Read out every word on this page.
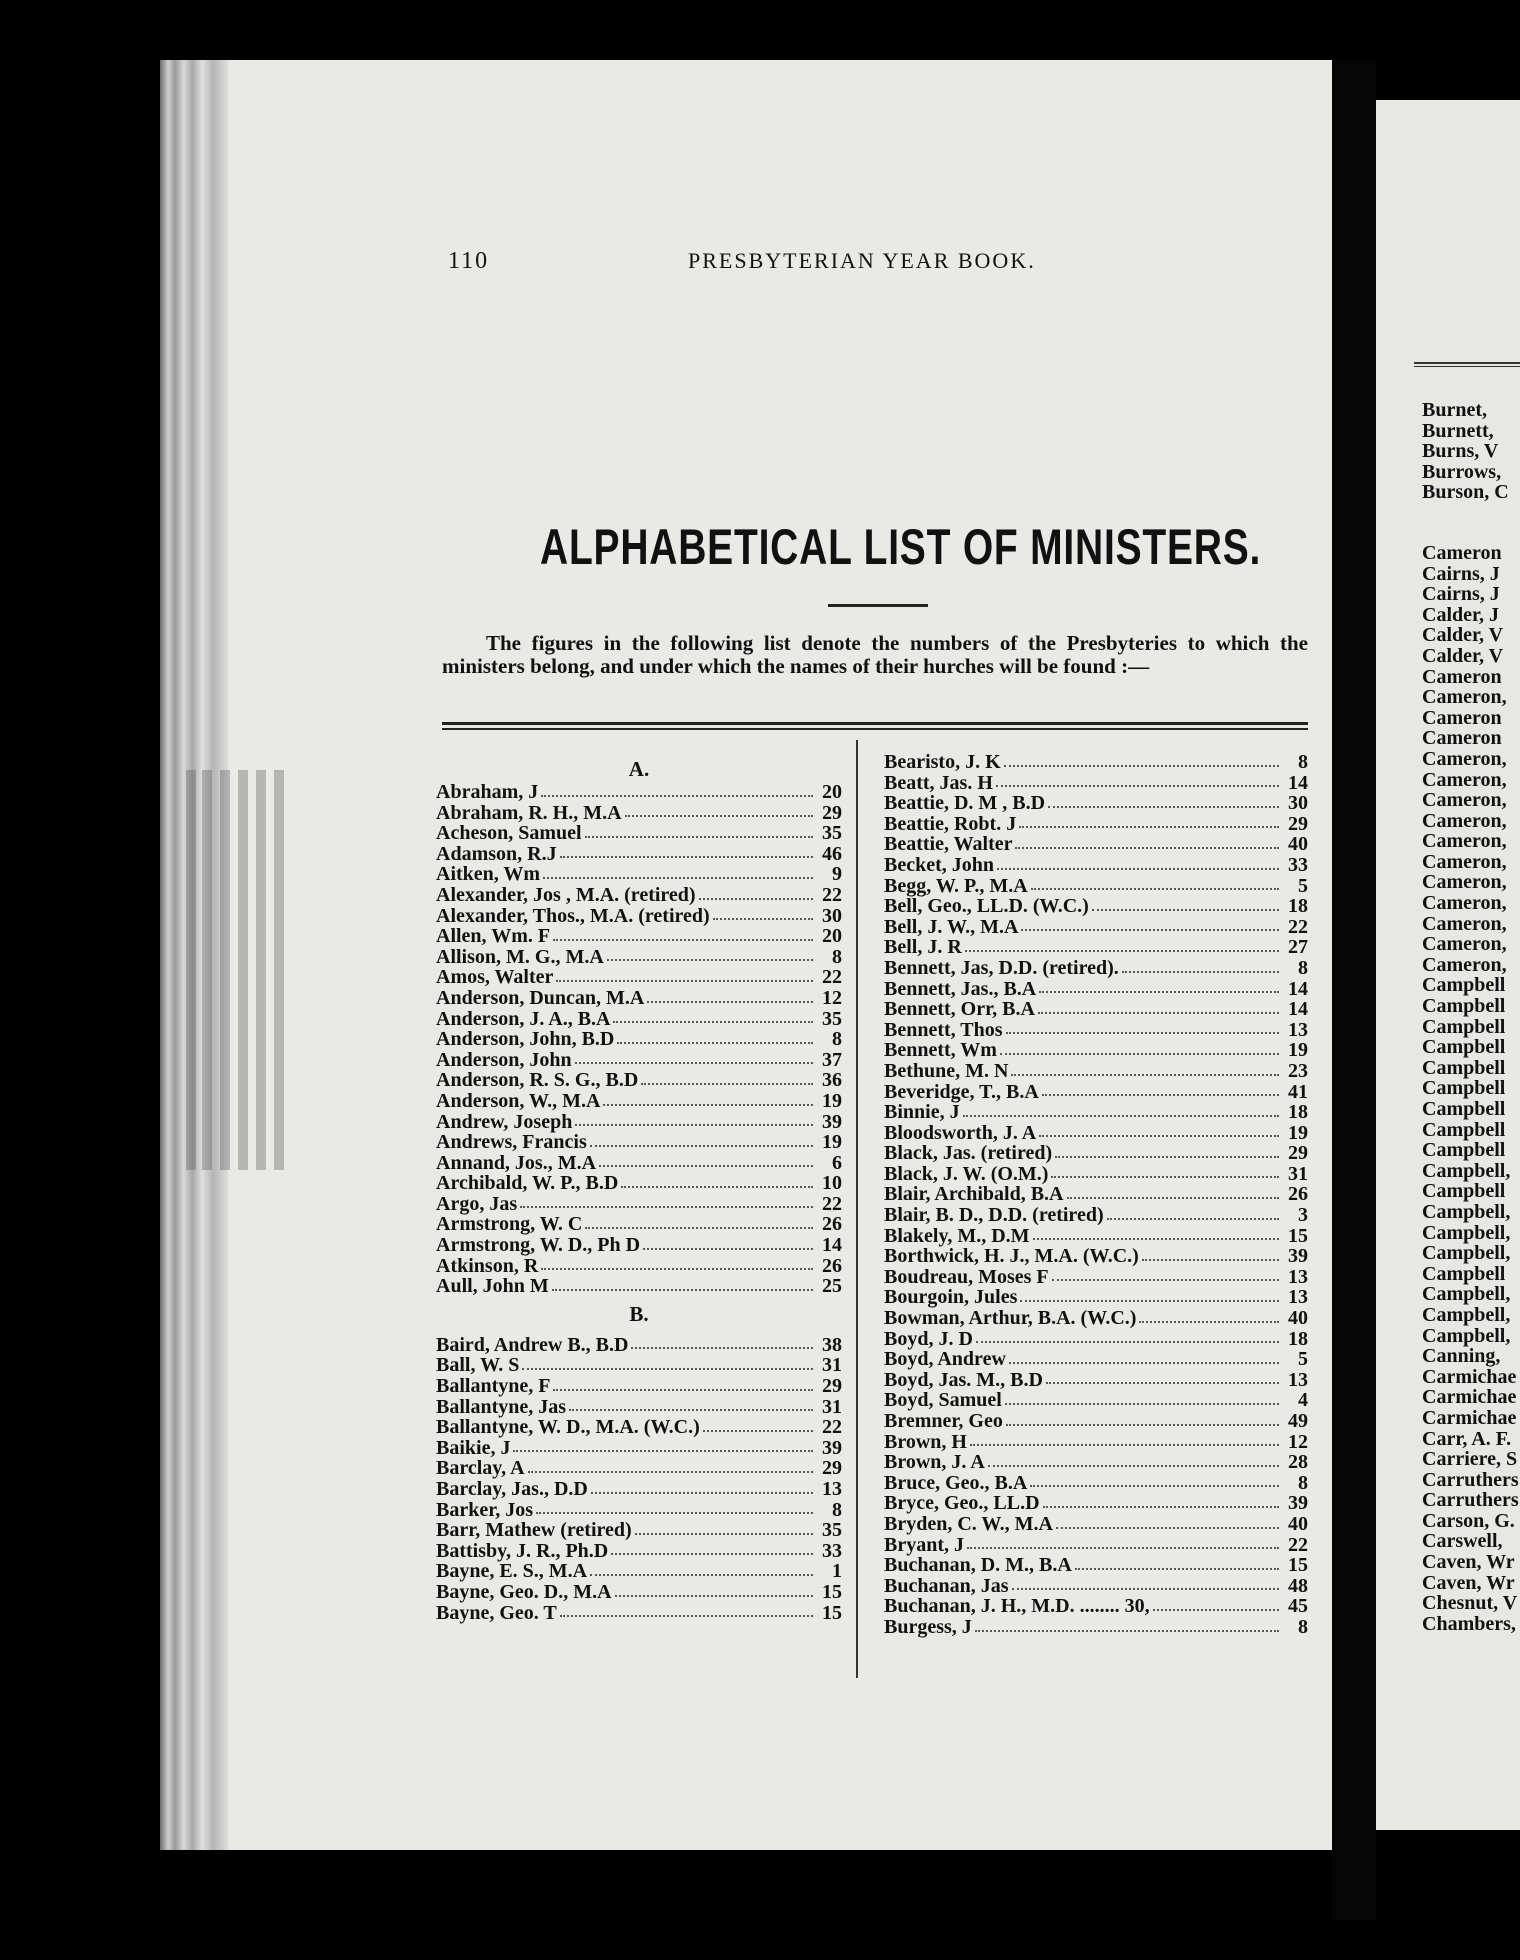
110	PRESBYTERIAN YEAR BOOK.
ALPHABETICAL LIST OF MINISTERS.
The figures in the following list denote the numbers of the Presbyteries to which the ministers belong, and under which the names of their hurches will be found :—
A.
Abraham, J	20
Abraham, R. H., M.A	29
Acheson, Samuel	35
Adamson, R.J	46
Aitken, Wm	9
Alexander, Jos , M.A. (retired)	22
Alexander, Thos., M.A. (retired)	30
Allen, Wm. F	20
Allison, M. G., M.A	8
Amos, Walter	22
Anderson, Duncan, M.A	12
Anderson, J. A., B.A	35
Anderson, John, B.D	8
Anderson, John	37
Anderson, R. S. G., B.D	36
Anderson, W., M.A	19
Andrew, Joseph	39
Andrews, Francis	19
Annand, Jos., M.A	6
Archibald, W. P., B.D	10
Argo, Jas	22
Armstrong, W. C	26
Armstrong, W. D., Ph D	14
Atkinson, R	26
Aull, John M	25
B.
Baird, Andrew B., B.D	38
Ball, W. S	31
Ballantyne, F	29
Ballantyne, Jas	31
Ballantyne, W. D., M.A. (W.C.)	22
Baikie, J	39
Barclay, A	29
Barclay, Jas., D.D	13
Barker, Jos	8
Barr, Mathew (retired)	35
Battisby, J. R., Ph.D	33
Bayne, E. S., M.A	1
Bayne, Geo. D., M.A	15
Bayne, Geo. T	15
Bearisto, J. K	8
Beatt, Jas. H	14
Beattie, D. M , B.D	30
Beattie, Robt. J	29
Beattie, Walter	40
Becket, John	33
Begg, W. P., M.A	5
Bell, Geo., LL.D. (W.C.)	18
Bell, J. W., M.A	22
Bell, J. R	27
Bennett, Jas, D.D. (retired).	8
Bennett, Jas., B.A	14
Bennett, Orr, B.A	14
Bennett, Thos	13
Bennett, Wm	19
Bethune, M. N	23
Beveridge, T., B.A	41
Binnie, J	18
Bloodsworth, J. A	19
Black, Jas. (retired)	29
Black, J. W. (O.M.)	31
Blair, Archibald, B.A	26
Blair, B. D., D.D. (retired)	3
Blakely, M., D.M	15
Borthwick, H. J., M.A. (W.C.)	39
Boudreau, Moses F	13
Bourgoin, Jules	13
Bowman, Arthur, B.A. (W.C.)	40
Boyd, J. D	18
Boyd, Andrew	5
Boyd, Jas. M., B.D	13
Boyd, Samuel	4
Bremner, Geo	49
Brown, H	12
Brown, J. A	28
Bruce, Geo., B.A	8
Bryce, Geo., LL.D	39
Bryden, C. W., M.A	40
Bryant, J	22
Buchanan, D. M., B.A	15
Buchanan, Jas	48
Buchanan, J. H., M.D. ........ 30,	45
Burgess, J	8
Burnet,
Burnett,
Burns, V
Burrows,
Burson, C
Cameron
Cairns, J
Cairns, J
Calder, J
Calder, V
Calder, V
Cameron
Cameron,
Cameron
Cameron
Cameron,
Cameron,
Cameron,
Cameron,
Cameron,
Cameron,
Cameron,
Cameron,
Cameron,
Cameron,
Cameron,
Campbell
Campbell
Campbell
Campbell
Campbell
Campbell
Campbell
Campbell
Campbell
Campbell,
Campbell
Campbell,
Campbell,
Campbell,
Campbell
Campbell,
Campbell,
Campbell,
Canning,
Carmichae
Carmichae
Carmichae
Carr, A. F.
Carriere, S
Carruthers
Carruthers
Carson, G.
Carswell,
Caven, Wr
Caven, Wr
Chesnut, V
Chambers,
